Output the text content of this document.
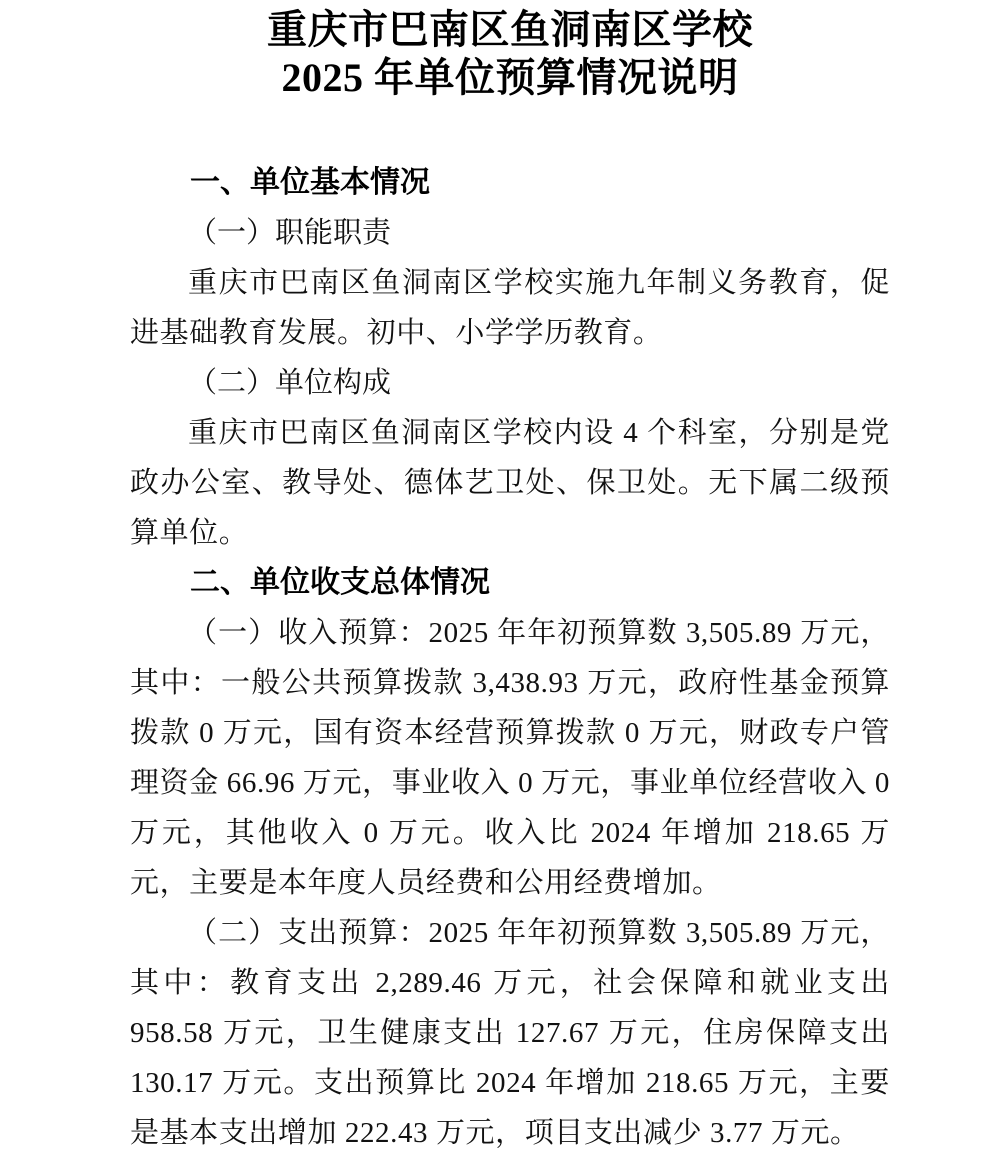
重庆市巴南区鱼洞南区学校
2025 年单位预算情况说明
一、单位基本情况
（一）职能职责

重庆市巴南区鱼洞南区学校实施九年制义务教育，促进基础教育发展。初中、小学学历教育。

（二）单位构成

重庆市巴南区鱼洞南区学校内设 4 个科室，分别是党政办公室、教导处、德体艺卫处、保卫处。无下属二级预算单位。

二、单位收支总体情况

（一）收入预算：2025 年年初预算数 3,505.89 万元，其中：一般公共预算拨款 3,438.93 万元，政府性基金预算拨款 0 万元，国有资本经营预算拨款 0 万元，财政专户管理资金 66.96 万元，事业收入 0 万元，事业单位经营收入 0 万元，其他收入 0 万元。收入比 2024 年增加 218.65 万元，主要是本年度人员经费和公用经费增加。

（二）支出预算：2025 年年初预算数 3,505.89 万元，其中：教育支出 2,289.46 万元，社会保障和就业支出 958.58 万元，卫生健康支出 127.67 万元，住房保障支出 130.17 万元。支出预算比 2024 年增加 218.65 万元，主要是基本支出增加 222.43 万元，项目支出减少 3.77 万元。
